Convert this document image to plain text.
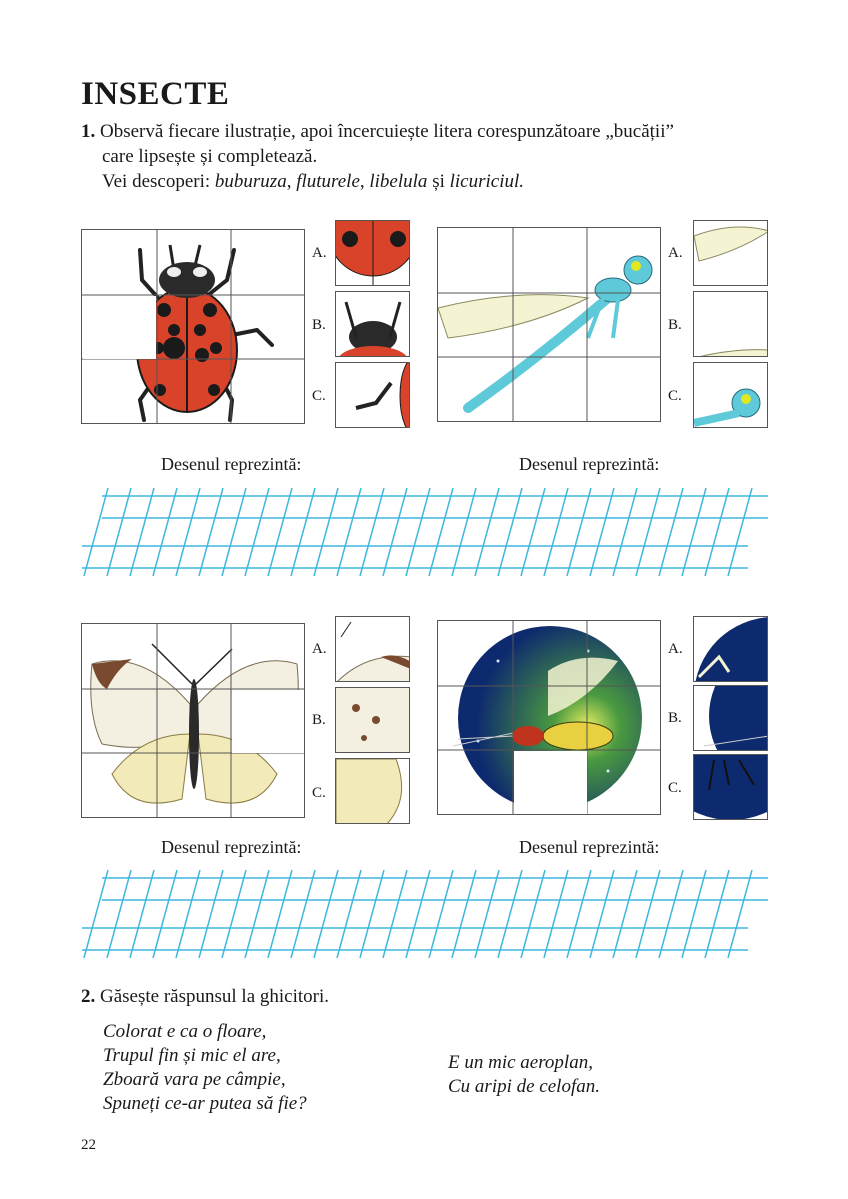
INSECTE
1. Observă fiecare ilustrație, apoi încercuiește litera corespunzătoare „bucății”
care lipsește și completează.
Vei descoperi: buburuza, fluturele, libelula și licuriciul.
A.
B.
C.
A.
B.
C.
Desenul reprezintă:	Desenul reprezintă:
A.
B.
C.
A.
B.
C.
Desenul reprezintă:	Desenul reprezintă:
2. Găsește răspunsul la ghicitori.
Colorat e ca o floare,
Trupul fin și mic el are,
Zboară vara pe câmpie,
Spuneți ce-ar putea să fie?
E un mic aeroplan,
Cu aripi de celofan.
22
